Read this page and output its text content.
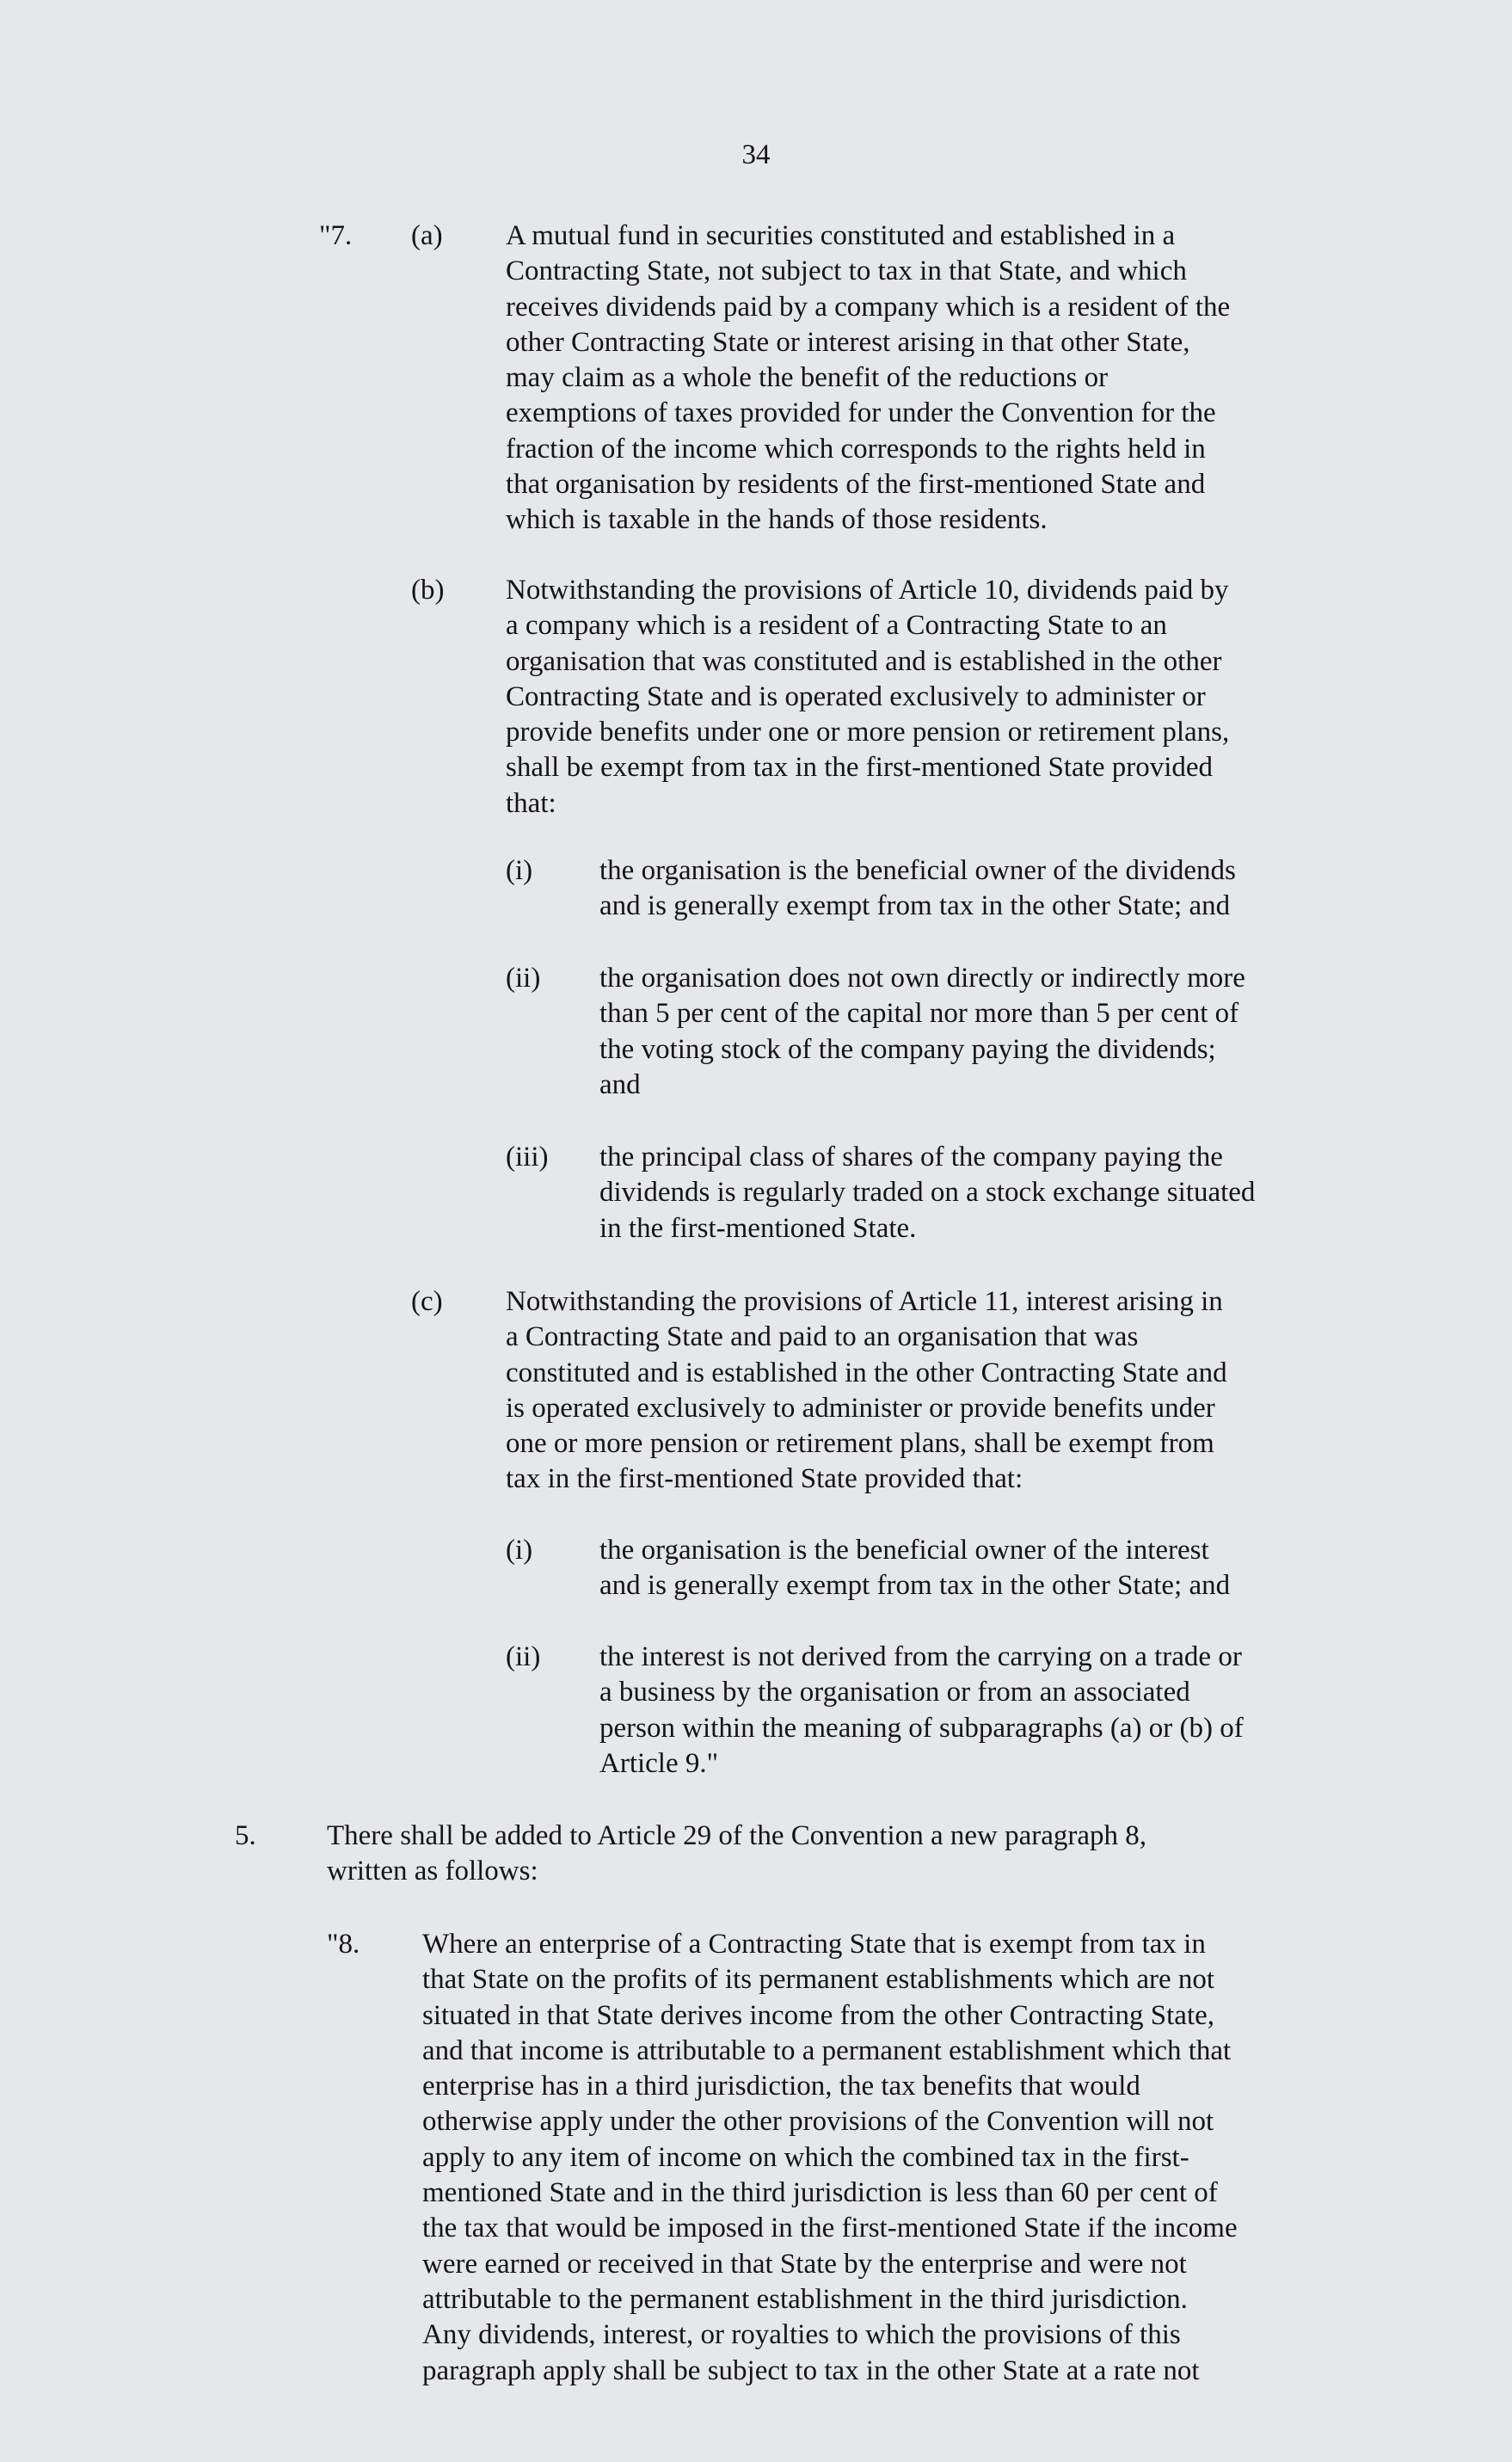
34
"7. (a) A mutual fund in securities constituted and established in a
Contracting State, not subject to tax in that State, and which
receives dividends paid by a company which is a resident of the
other Contracting State or interest arising in that other State,
may claim as a whole the benefit of the reductions or
exemptions of taxes provided for under the Convention for the
fraction of the income which corresponds to the rights held in
that organisation by residents of the first-mentioned State and
which is taxable in the hands of those residents.
(b) Notwithstanding the provisions of Article 10, dividends paid by
a company which is a resident of a Contracting State to an
organisation that was constituted and is established in the other
Contracting State and is operated exclusively to administer or
provide benefits under one or more pension or retirement plans,
shall be exempt from tax in the first-mentioned State provided
that:
(i) the organisation is the beneficial owner of the dividends
and is generally exempt from tax in the other State; and
(ii) the organisation does not own directly or indirectly more
than 5 per cent of the capital nor more than 5 per cent of
the voting stock of the company paying the dividends;
and
(iii) the principal class of shares of the company paying the
dividends is regularly traded on a stock exchange situated
in the first-mentioned State.
(c) Notwithstanding the provisions of Article 11, interest arising in
a Contracting State and paid to an organisation that was
constituted and is established in the other Contracting State and
is operated exclusively to administer or provide benefits under
one or more pension or retirement plans, shall be exempt from
tax in the first-mentioned State provided that:
(i) the organisation is the beneficial owner of the interest
and is generally exempt from tax in the other State; and
(ii) the interest is not derived from the carrying on a trade or
a business by the organisation or from an associated
person within the meaning of subparagraphs (a) or (b) of
Article 9."
5. There shall be added to Article 29 of the Convention a new paragraph 8,
written as follows:
"8. Where an enterprise of a Contracting State that is exempt from tax in
that State on the profits of its permanent establishments which are not
situated in that State derives income from the other Contracting State,
and that income is attributable to a permanent establishment which that
enterprise has in a third jurisdiction, the tax benefits that would
otherwise apply under the other provisions of the Convention will not
apply to any item of income on which the combined tax in the first-
mentioned State and in the third jurisdiction is less than 60 per cent of
the tax that would be imposed in the first-mentioned State if the income
were earned or received in that State by the enterprise and were not
attributable to the permanent establishment in the third jurisdiction.
Any dividends, interest, or royalties to which the provisions of this
paragraph apply shall be subject to tax in the other State at a rate not
